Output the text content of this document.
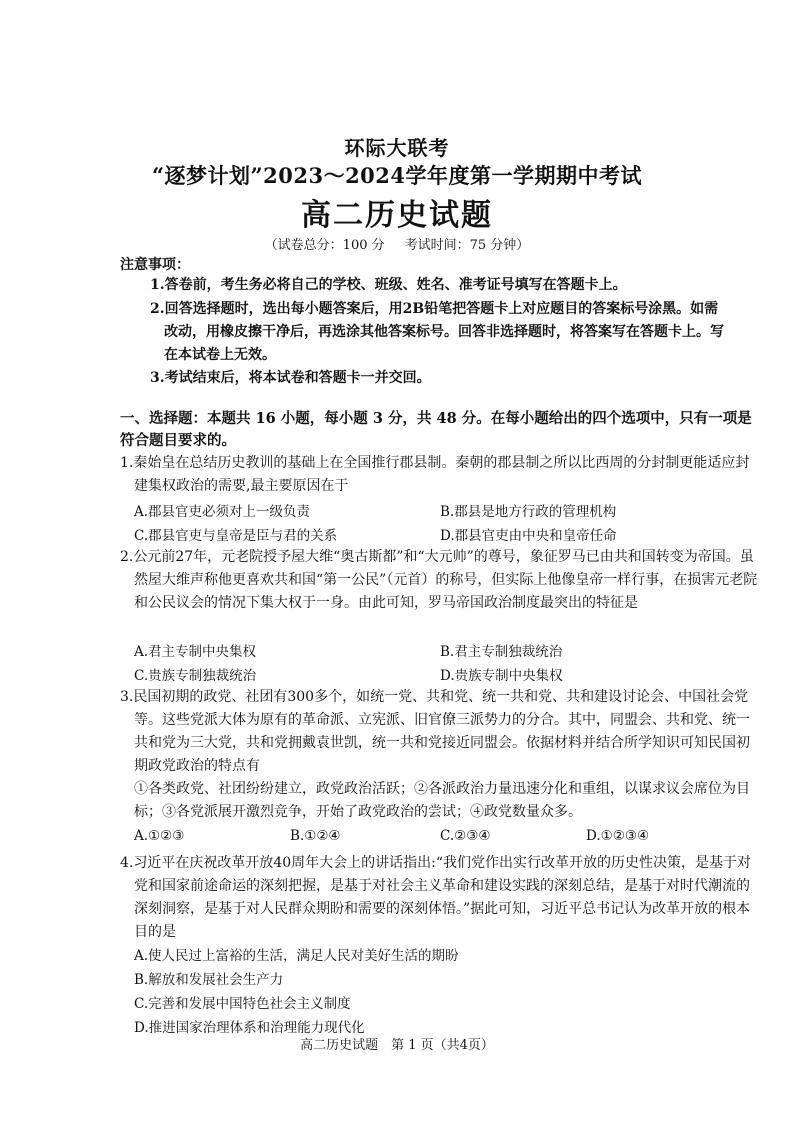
环际大联考
“逐梦计划”2023～2024学年度第一学期期中考试
高二历史试题
（试卷总分：100 分 考试时间：75 分钟）
注意事项：
1.答卷前，考生务必将自己的学校、班级、姓名、准考证号填写在答题卡上。
2.回答选择题时，选出每小题答案后，用2B铅笔把答题卡上对应题目的答案标号涂黑。如需
改动，用橡皮擦干净后，再选涂其他答案标号。回答非选择题时，将答案写在答题卡上。写
在本试卷上无效。
3.考试结束后，将本试卷和答题卡一并交回。
一、选择题：本题共 16 小题，每小题 3 分，共 48 分。在每小题给出的四个选项中，只有一项是
符合题目要求的。
1.秦始皇在总结历史教训的基础上在全国推行郡县制。秦朝的郡县制之所以比西周的分封制更能适应封建集权政治的需要,最主要原因在于
A.郡县官吏必须对上一级负责	B.郡县是地方行政的管理机构
C.郡县官吏与皇帝是臣与君的关系	D.郡县官吏由中央和皇帝任命
2.公元前27年，元老院授予屋大维“奥古斯都”和“大元帅”的尊号，象征罗马已由共和国转变为帝国。虽然屋大维声称他更喜欢共和国“第一公民”（元首）的称号，但实际上他像皇帝一样行事，在损害元老院和公民议会的情况下集大权于一身。由此可知，罗马帝国政治制度最突出的特征是
A.君主专制中央集权	B.君主专制独裁统治
C.贵族专制独裁统治	D.贵族专制中央集权
3.民国初期的政党、社团有300多个，如统一党、共和党、统一共和党、共和建设讨论会、中国社会党等。这些党派大体为原有的革命派、立宪派、旧官僚三派势力的分合。其中，同盟会、共和党、统一共和党为三大党，共和党拥戴袁世凯，统一共和党接近同盟会。依据材料并结合所学知识可知民国初期政党政治的特点有
①各类政党、社团纷纷建立，政党政治活跃；②各派政治力量迅速分化和重组，以谋求议会席位为目标；③各党派展开激烈竞争，开始了政党政治的尝试；④政党数量众多。
A.①②③	B.①②④	C.②③④	D.①②③④
4.习近平在庆祝改革开放40周年大会上的讲话指出:“我们党作出实行改革开放的历史性决策，是基于对党和国家前途命运的深刻把握，是基于对社会主义革命和建设实践的深刻总结，是基于对时代潮流的深刻洞察，是基于对人民群众期盼和需要的深刻体悟。”据此可知，习近平总书记认为改革开放的根本目的是
A.使人民过上富裕的生活，满足人民对美好生活的期盼
B.解放和发展社会生产力
C.完善和发展中国特色社会主义制度
D.推进国家治理体系和治理能力现代化
高二历史试题　第 1 页（共4页）
